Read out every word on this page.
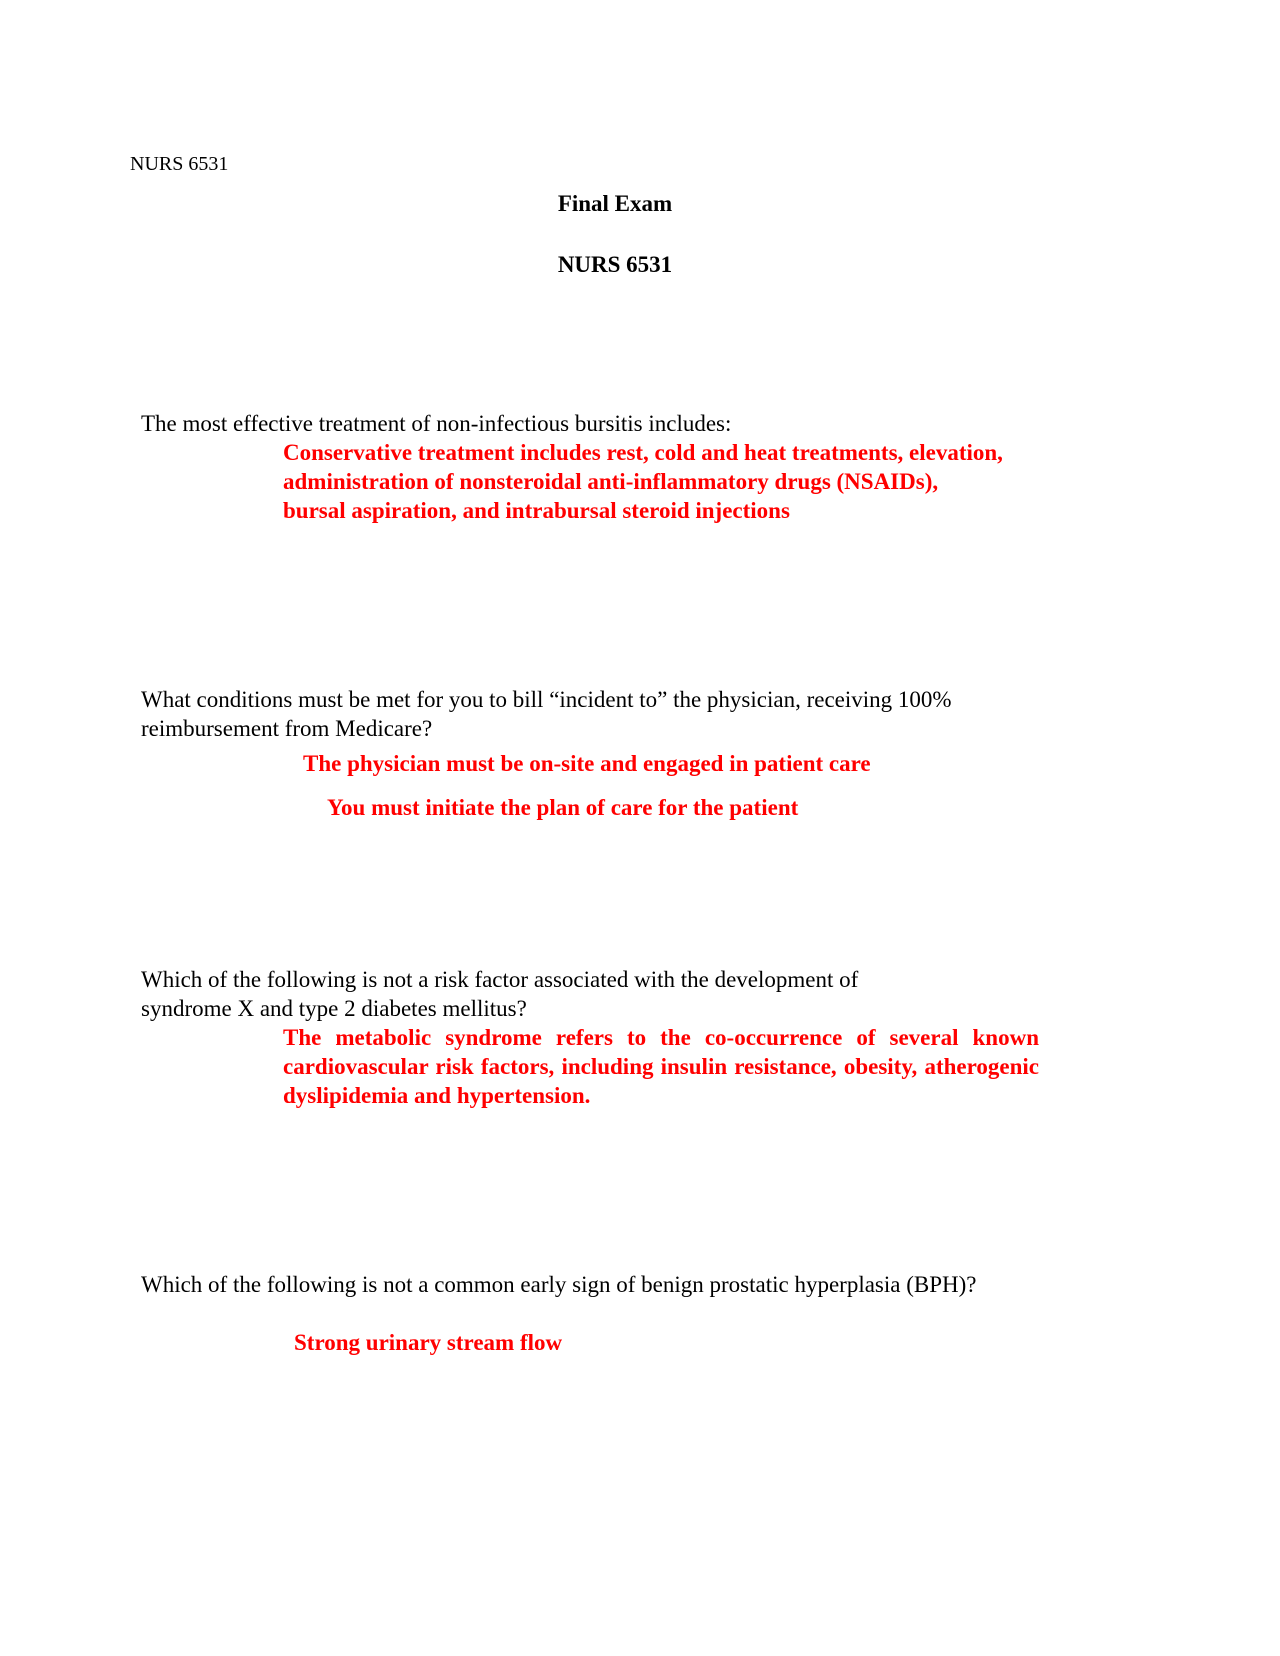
NURS 6531
Final Exam
NURS 6531
The most effective treatment of non-infectious bursitis includes:
Conservative treatment includes rest, cold and heat treatments, elevation, administration of nonsteroidal anti-inflammatory drugs (NSAIDs), bursal aspiration, and intrabursal steroid injections
What conditions must be met for you to bill “incident to” the physician, receiving 100% reimbursement from Medicare?
The physician must be on-site and engaged in patient care
You must initiate the plan of care for the patient
Which of the following is not a risk factor associated with the development of syndrome X and type 2 diabetes mellitus?
The metabolic syndrome refers to the co-occurrence of several known cardiovascular risk factors, including insulin resistance, obesity, atherogenic dyslipidemia and hypertension.
Which of the following is not a common early sign of benign prostatic hyperplasia (BPH)?
Strong urinary stream flow
